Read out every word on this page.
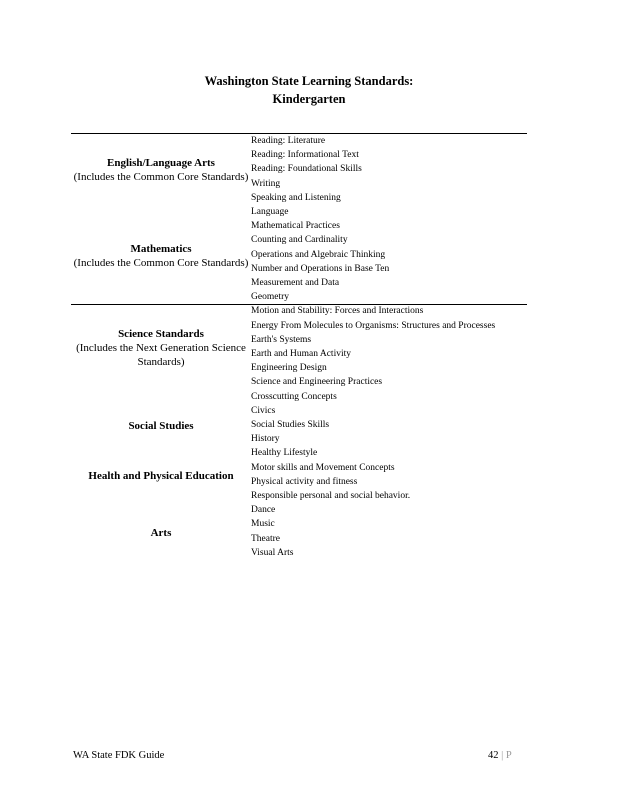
Washington State Learning Standards:
Kindergarten
English/Language Arts
(Includes the Common Core Standards)
Mathematics
(Includes the Common Core Standards)
Science Standards
(Includes the Next Generation Science Standards)
Social Studies
Health and Physical Education
Arts
Reading: Literature
Reading: Informational Text
Reading: Foundational Skills
Writing
Speaking and Listening
Language
Mathematical Practices
Counting and Cardinality
Operations and Algebraic Thinking
Number and Operations in Base Ten
Measurement and Data
Geometry
Motion and Stability: Forces and Interactions
Energy From Molecules to Organisms: Structures and Processes
Earth's Systems
Earth and Human Activity
Engineering Design
Science and Engineering Practices
Crosscutting Concepts
Civics
Social Studies Skills
History
Healthy Lifestyle
Motor skills and Movement Concepts
Physical activity and fitness
Responsible personal and social behavior.
Dance
Music
Theatre
Visual Arts
WA State FDK Guide	42 | P
